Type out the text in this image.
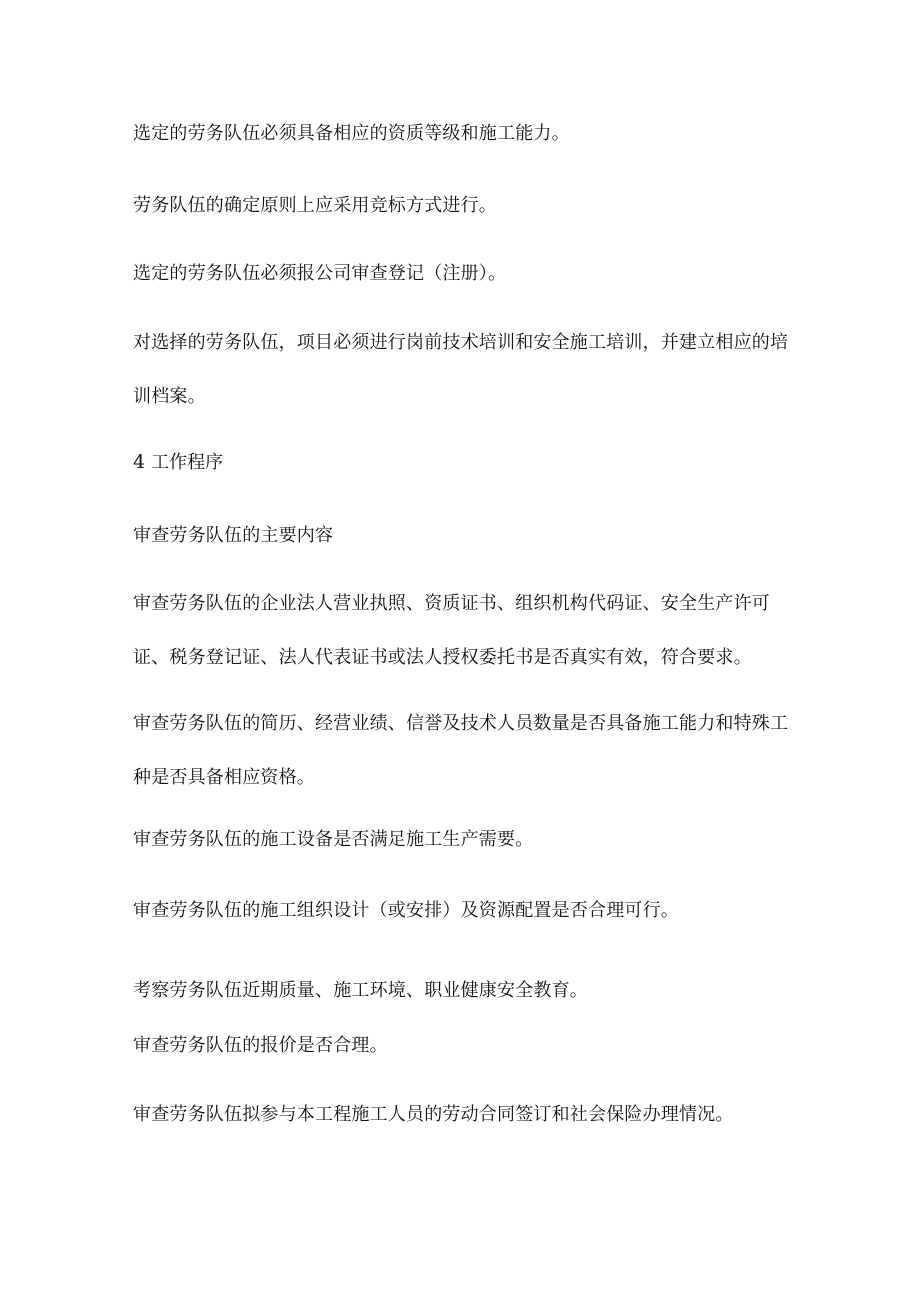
选定的劳务队伍必须具备相应的资质等级和施工能力。

劳务队伍的确定原则上应采用竞标方式进行。

选定的劳务队伍必须报公司审查登记（注册）。

对选择的劳务队伍，项目必须进行岗前技术培训和安全施工培训，并建立相应的培训档案。

4 工作程序

审查劳务队伍的主要内容

审查劳务队伍的企业法人营业执照、资质证书、组织机构代码证、安全生产许可证、税务登记证、法人代表证书或法人授权委托书是否真实有效，符合要求。

审查劳务队伍的简历、经营业绩、信誉及技术人员数量是否具备施工能力和特殊工种是否具备相应资格。

审查劳务队伍的施工设备是否满足施工生产需要。

审查劳务队伍的施工组织设计（或安排）及资源配置是否合理可行。

考察劳务队伍近期质量、施工环境、职业健康安全教育。

审查劳务队伍的报价是否合理。

审查劳务队伍拟参与本工程施工人员的劳动合同签订和社会保险办理情况。
